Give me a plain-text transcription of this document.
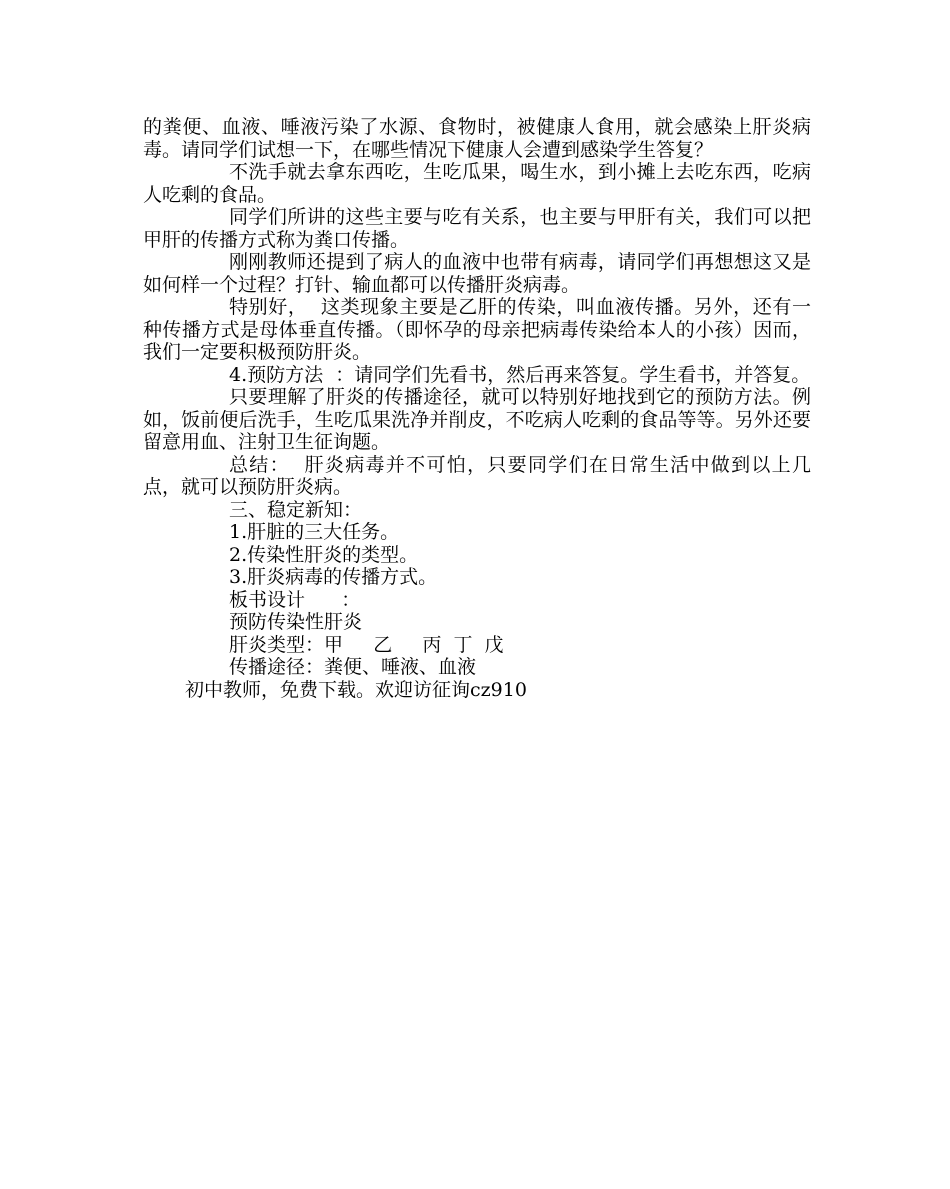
的粪便、血液、唾液污染了水源、食物时，被健康人食用，就会感染上肝炎病毒。请同学们试想一下，在哪些情况下健康人会遭到感染学生答复？

不洗手就去拿东西吃，生吃瓜果，喝生水，到小摊上去吃东西，吃病人吃剩的食品。

同学们所讲的这些主要与吃有关系，也主要与甲肝有关，我们可以把甲肝的传播方式称为粪口传播。

刚刚教师还提到了病人的血液中也带有病毒，请同学们再想想这又是如何样一个过程？打针、输血都可以传播肝炎病毒。

特别好，  这类现象主要是乙肝的传染，叫血液传播。另外，还有一种传播方式是母体垂直传播。（即怀孕的母亲把病毒传染给本人的小孩）因而，我们一定要积极预防肝炎。

4.预防方法  ：请同学们先看书，然后再来答复。学生看书，并答复。

只要理解了肝炎的传播途径，就可以特别好地找到它的预防方法。例如，饭前便后洗手，生吃瓜果洗净并削皮，不吃病人吃剩的食品等等。另外还要留意用血、注射卫生征询题。

总结：  肝炎病毒并不可怕，只要同学们在日常生活中做到以上几点，就可以预防肝炎病。

三、稳定新知：

1.肝脏的三大任务。

2.传染性肝炎的类型。

3.肝炎病毒的传播方式。

板书设计      ：

预防传染性肝炎

肝炎类型：甲     乙     丙  丁  戊

传播途径：粪便、唾液、血液

初中教师，免费下载。欢迎访征询cz910
